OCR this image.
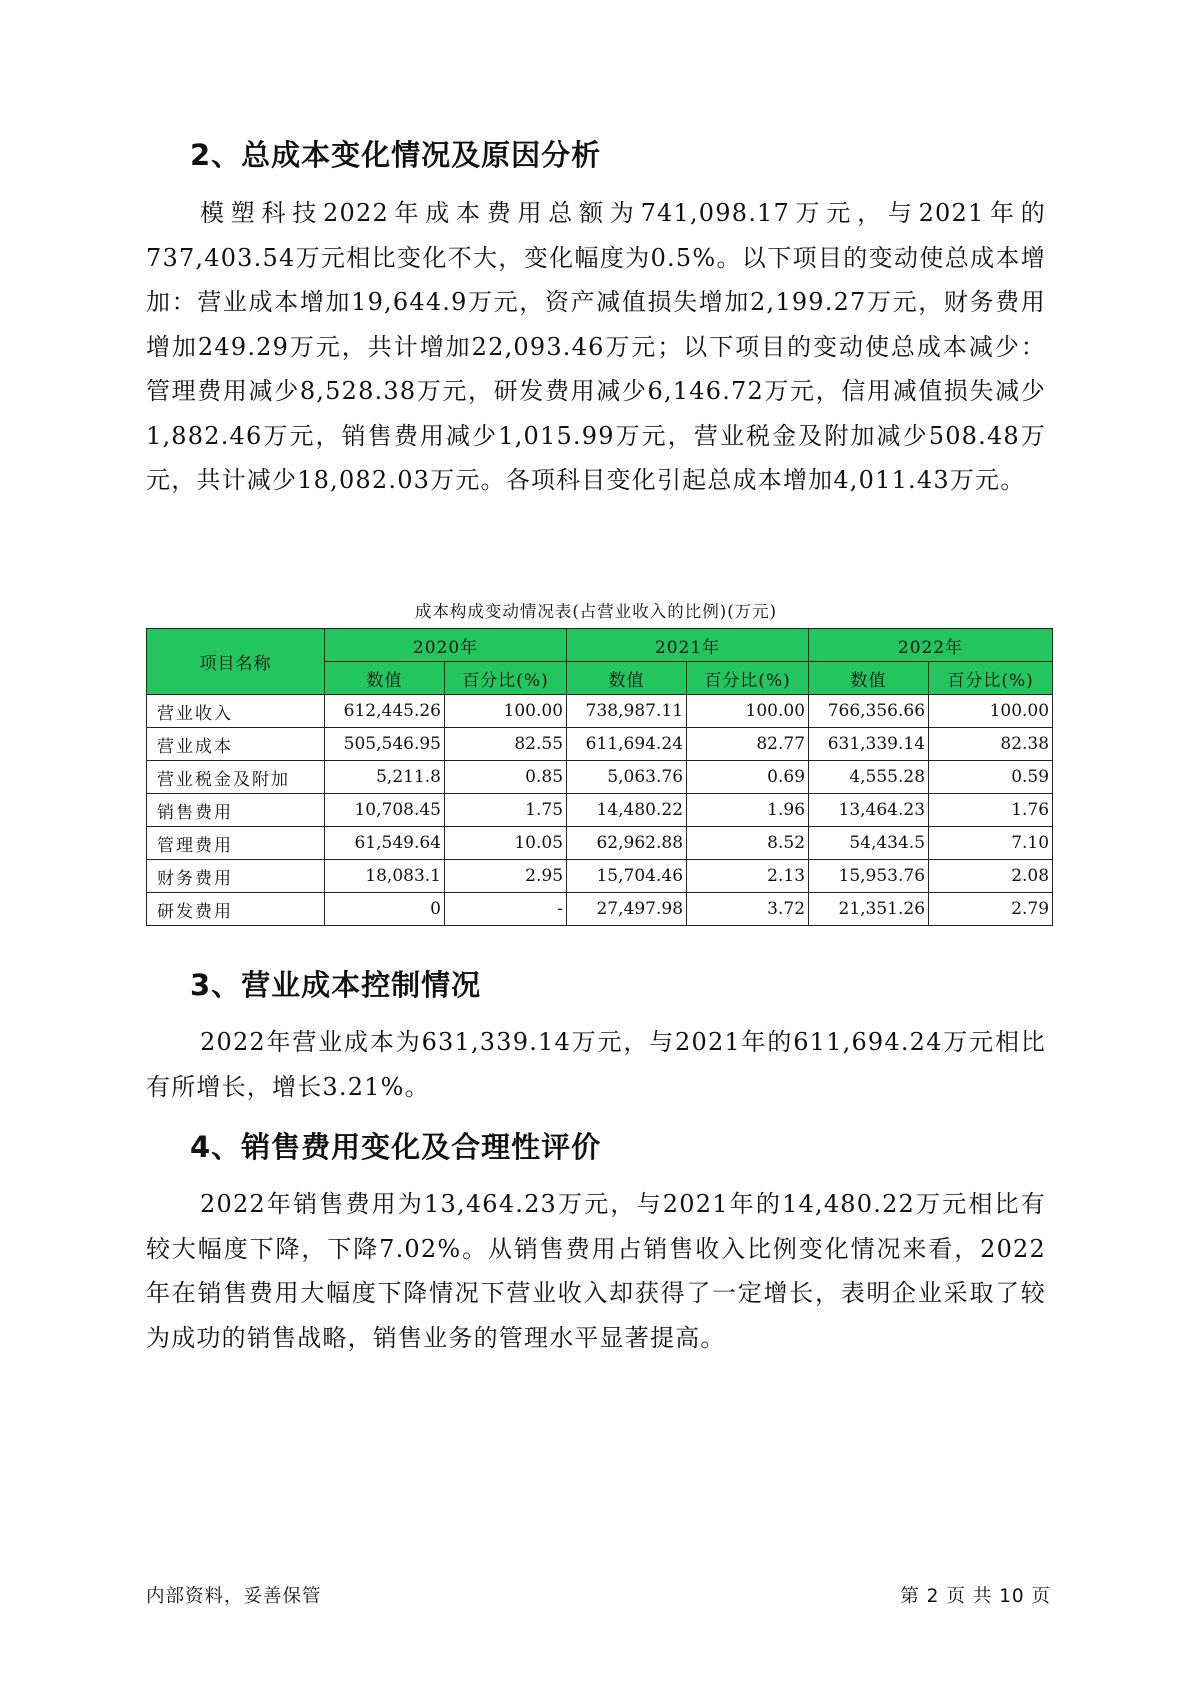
2、总成本变化情况及原因分析

模塑科技2022年成本费用总额为741,098.17万元，与2021年的737,403.54万元相比变化不大，变化幅度为0.5%。以下项目的变动使总成本增加：营业成本增加19,644.9万元，资产减值损失增加2,199.27万元，财务费用增加249.29万元，共计增加22,093.46万元；以下项目的变动使总成本减少：管理费用减少8,528.38万元，研发费用减少6,146.72万元，信用减值损失减少1,882.46万元，销售费用减少1,015.99万元，营业税金及附加减少508.48万元，共计减少18,082.03万元。各项科目变化引起总成本增加4,011.43万元。

成本构成变动情况表(占营业收入的比例)(万元)
项目名称	2020年		2021年		2022年	
	数值	百分比(%)	数值	百分比(%)	数值	百分比(%)
营业收入	612,445.26	100.00	738,987.11	100.00	766,356.66	100.00
营业成本	505,546.95	82.55	611,694.24	82.77	631,339.14	82.38
营业税金及附加	5,211.8	0.85	5,063.76	0.69	4,555.28	0.59
销售费用	10,708.45	1.75	14,480.22	1.96	13,464.23	1.76
管理费用	61,549.64	10.05	62,962.88	8.52	54,434.5	7.10
财务费用	18,083.1	2.95	15,704.46	2.13	15,953.76	2.08
研发费用	0	-	27,497.98	3.72	21,351.26	2.79
3、营业成本控制情况

2022年营业成本为631,339.14万元，与2021年的611,694.24万元相比有所增长，增长3.21%。

4、销售费用变化及合理性评价

2022年销售费用为13,464.23万元，与2021年的14,480.22万元相比有较大幅度下降，下降7.02%。从销售费用占销售收入比例变化情况来看，2022年在销售费用大幅度下降情况下营业收入却获得了一定增长，表明企业采取了较为成功的销售战略，销售业务的管理水平显著提高。

内部资料，妥善保管	第 2 页 共 10 页
